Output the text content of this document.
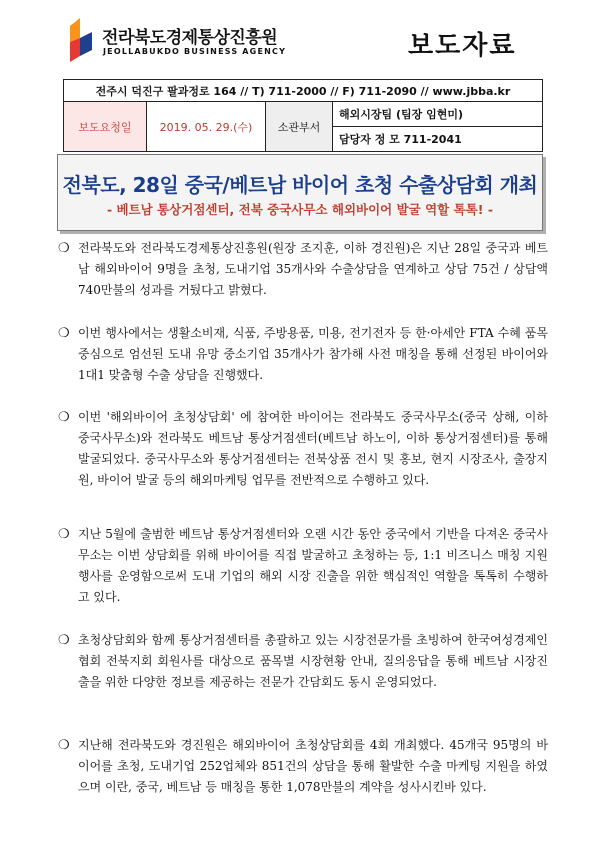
전라북도경제통상진흥원
JEOLLABUKDO BUSINESS AGENCY	보도자료
전주시 덕진구 팔과정로 164 // T) 711-2000 // F) 711-2090 // www.jbba.kr
보도요청일	2019. 05. 29.(수)	소관부서	해외시장팀 (팀장 임현미)
담당자 정 모 711-2041
전북도, 28일 중국/베트남 바이어 초청 수출상담회 개최
- 베트남 통상거점센터, 전북 중국사무소 해외바이어 발굴 역할 톡톡! -
❍ 전라북도와 전라북도경제통상진흥원(원장 조지훈, 이하 경진원)은 지난 28일 중국과 베트남 해외바이어 9명을 초청, 도내기업 35개사와 수출상담을 연계하고 상담 75건 / 상담액 740만불의 성과를 거뒀다고 밝혔다.
❍ 이번 행사에서는 생활소비재, 식품, 주방용품, 미용, 전기전자 등 한·아세안 FTA 수혜 품목 중심으로 엄선된 도내 유망 중소기업 35개사가 참가해 사전 매칭을 통해 선정된 바이어와 1대1 맞춤형 수출 상담을 진행했다.
❍ 이번 '해외바이어 초청상담회' 에 참여한 바이어는 전라북도 중국사무소(중국 상해, 이하 중국사무소)와 전라북도 베트남 통상거점센터(베트남 하노이, 이하 통상거점센터)를 통해 발굴되었다. 중국사무소와 통상거점센터는 전북상품 전시 및 홍보, 현지 시장조사, 출장지원, 바이어 발굴 등의 해외마케팅 업무를 전반적으로 수행하고 있다.
❍ 지난 5월에 출범한 베트남 통상거점센터와 오랜 시간 동안 중국에서 기반을 다져온 중국사무소는 이번 상담회를 위해 바이어를 직접 발굴하고 초청하는 등, 1:1 비즈니스 매칭 지원 행사를 운영함으로써 도내 기업의 해외 시장 진출을 위한 핵심적인 역할을 톡톡히 수행하고 있다.
❍ 초청상담회와 함께 통상거점센터를 총괄하고 있는 시장전문가를 초빙하여 한국여성경제인협회 전북지회 회원사를 대상으로 품목별 시장현황 안내, 질의응답을 통해 베트남 시장진출을 위한 다양한 정보를 제공하는 전문가 간담회도 동시 운영되었다.
❍ 지난해 전라북도와 경진원은 해외바이어 초청상담회를 4회 개최했다. 45개국 95명의 바이어를 초청, 도내기업 252업체와 851건의 상담을 통해 활발한 수출 마케팅 지원을 하였으며 이란, 중국, 베트남 등 매칭을 통한 1,078만불의 계약을 성사시킨바 있다.
